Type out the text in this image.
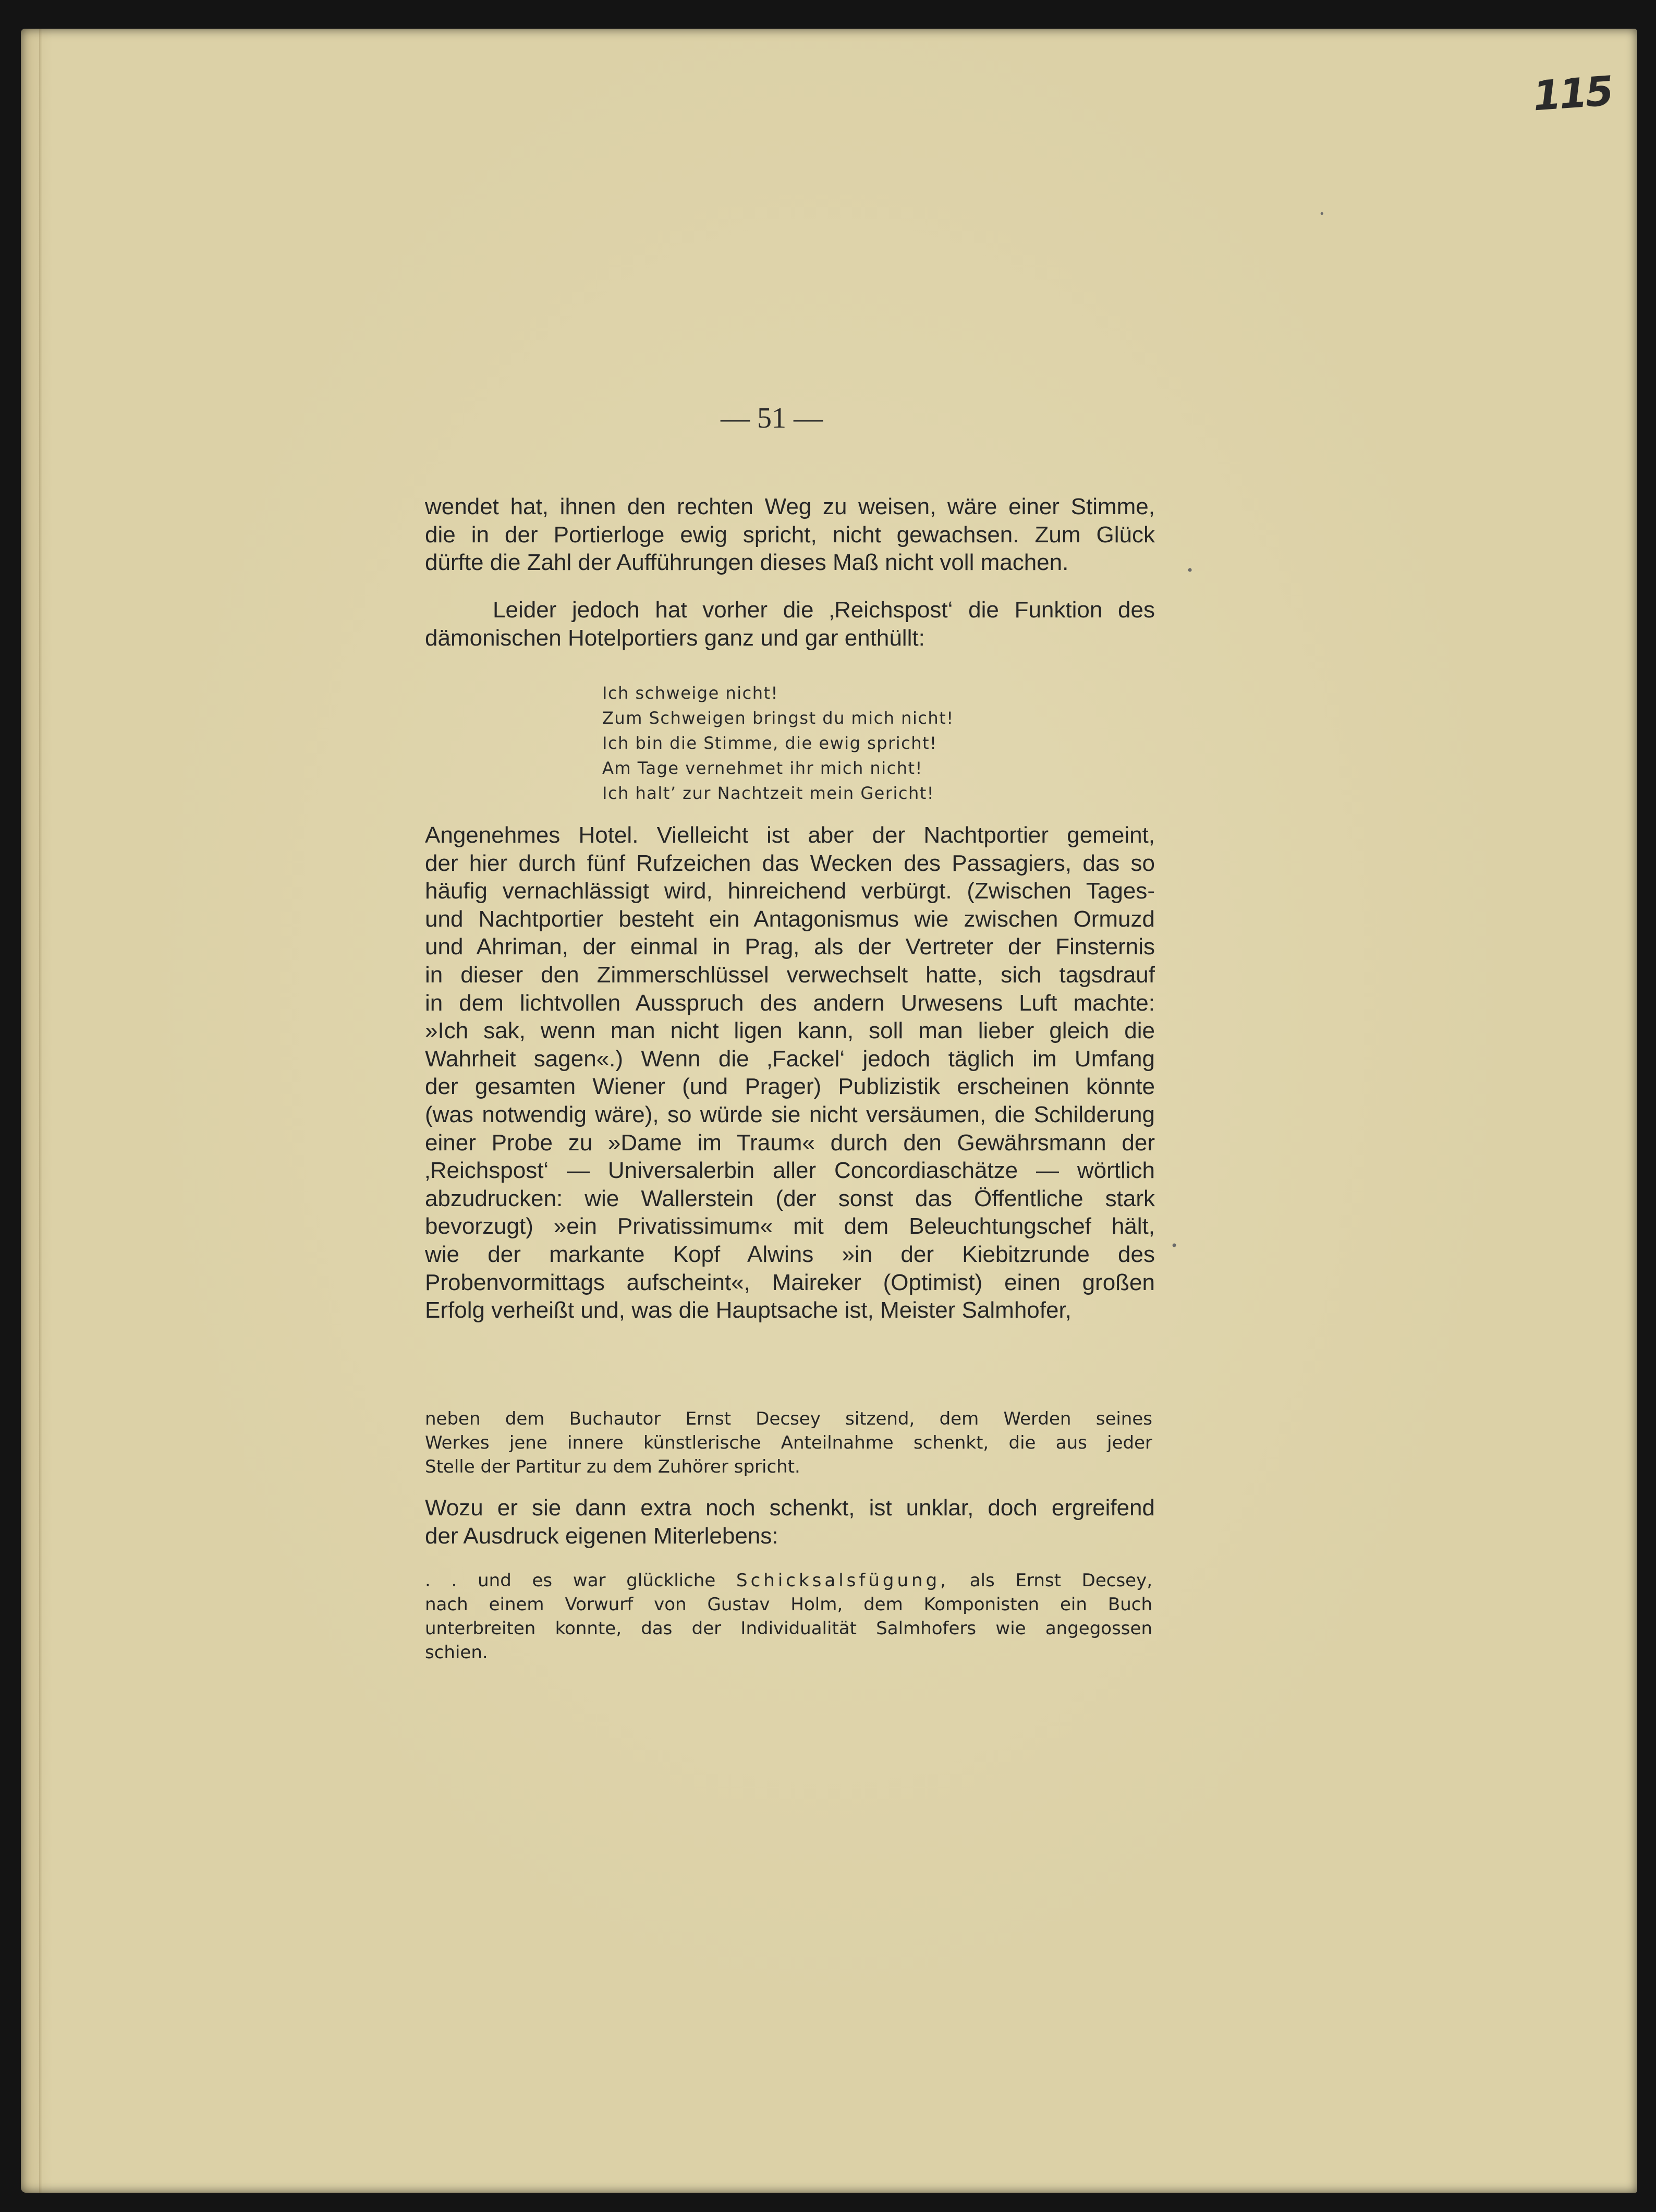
115
— 51 —
wendet hat, ihnen den rechten Weg zu weisen, wäre einer Stimme,
die in der Portierloge ewig spricht, nicht gewachsen. Zum Glück
dürfte die Zahl der Aufführungen dieses Maß nicht voll machen.
Leider jedoch hat vorher die ‚Reichspost‘ die Funktion des
dämonischen Hotelportiers ganz und gar enthüllt:
Ich schweige nicht!
Zum Schweigen bringst du mich nicht!
Ich bin die Stimme, die ewig spricht!
Am Tage vernehmet ihr mich nicht!
Ich halt’ zur Nachtzeit mein Gericht!
Angenehmes Hotel. Vielleicht ist aber der Nachtportier gemeint,
der hier durch fünf Rufzeichen das Wecken des Passagiers, das so
häufig vernachlässigt wird, hinreichend verbürgt. (Zwischen Tages-
und Nachtportier besteht ein Antagonismus wie zwischen Ormuzd
und Ahriman, der einmal in Prag, als der Vertreter der Finsternis
in dieser den Zimmerschlüssel verwechselt hatte, sich tagsdrauf
in dem lichtvollen Ausspruch des andern Urwesens Luft machte:
»Ich sak, wenn man nicht ligen kann, soll man lieber gleich die
Wahrheit sagen«.) Wenn die ‚Fackel‘ jedoch täglich im Umfang
der gesamten Wiener (und Prager) Publizistik erscheinen könnte
(was notwendig wäre), so würde sie nicht versäumen, die Schilderung
einer Probe zu »Dame im Traum« durch den Gewährsmann der
‚Reichspost‘ — Universalerbin aller Concordiaschätze — wörtlich
abzudrucken: wie Wallerstein (der sonst das Öffentliche stark
bevorzugt) »ein Privatissimum« mit dem Beleuchtungschef hält,
wie der markante Kopf Alwins »in der Kiebitzrunde des
Probenvormittags aufscheint«, Maireker (Optimist) einen großen
Erfolg verheißt und, was die Hauptsache ist, Meister Salmhofer,
neben dem Buchautor Ernst Decsey sitzend, dem Werden seines
Werkes jene innere künstlerische Anteilnahme schenkt, die aus jeder
Stelle der Partitur zu dem Zuhörer spricht.
Wozu er sie dann extra noch schenkt, ist unklar, doch ergreifend
der Ausdruck eigenen Miterlebens:
. . und es war glückliche Schicksalsfügung, als Ernst Decsey,
nach einem Vorwurf von Gustav Holm, dem Komponisten ein Buch
unterbreiten konnte, das der Individualität Salmhofers wie angegossen
schien.
•
•
•
